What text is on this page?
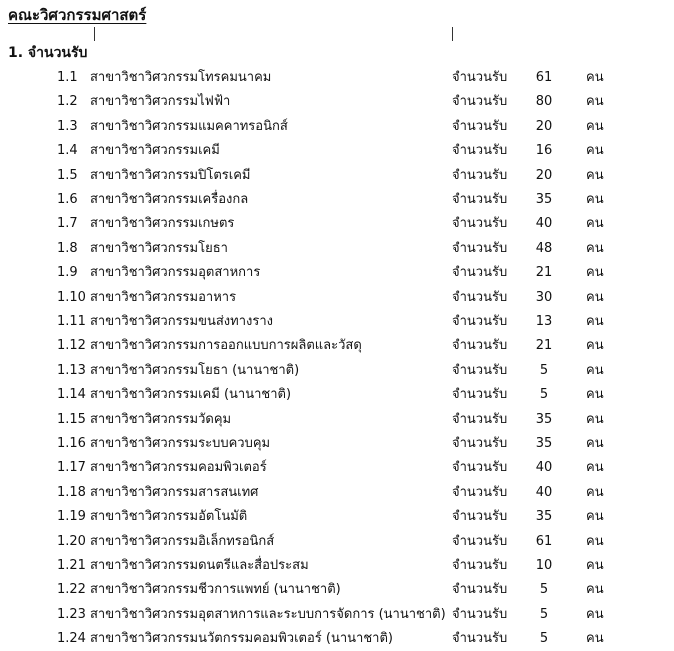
คณะวิศวกรรมศาสตร์
1. จำนวนรับ
1.1 สาขาวิชาวิศวกรรมโทรคมนาคม	จำนวนรับ	61	คน
1.2 สาขาวิชาวิศวกรรมไฟฟ้า	จำนวนรับ	80	คน
1.3 สาขาวิชาวิศวกรรมแมคคาทรอนิกส์	จำนวนรับ	20	คน
1.4 สาขาวิชาวิศวกรรมเคมี	จำนวนรับ	16	คน
1.5 สาขาวิชาวิศวกรรมปิโตรเคมี	จำนวนรับ	20	คน
1.6 สาขาวิชาวิศวกรรมเครื่องกล	จำนวนรับ	35	คน
1.7 สาขาวิชาวิศวกรรมเกษตร	จำนวนรับ	40	คน
1.8 สาขาวิชาวิศวกรรมโยธา	จำนวนรับ	48	คน
1.9 สาขาวิชาวิศวกรรมอุตสาหการ	จำนวนรับ	21	คน
1.10 สาขาวิชาวิศวกรรมอาหาร	จำนวนรับ	30	คน
1.11 สาขาวิชาวิศวกรรมขนส่งทางราง	จำนวนรับ	13	คน
1.12 สาขาวิชาวิศวกรรมการออกแบบการผลิตและวัสดุ	จำนวนรับ	21	คน
1.13 สาขาวิชาวิศวกรรมโยธา (นานาชาติ)	จำนวนรับ	5	คน
1.14 สาขาวิชาวิศวกรรมเคมี (นานาชาติ)	จำนวนรับ	5	คน
1.15 สาขาวิชาวิศวกรรมวัดคุม	จำนวนรับ	35	คน
1.16 สาขาวิชาวิศวกรรมระบบควบคุม	จำนวนรับ	35	คน
1.17 สาขาวิชาวิศวกรรมคอมพิวเตอร์	จำนวนรับ	40	คน
1.18 สาขาวิชาวิศวกรรมสารสนเทศ	จำนวนรับ	40	คน
1.19 สาขาวิชาวิศวกรรมอัตโนมัติ	จำนวนรับ	35	คน
1.20 สาขาวิชาวิศวกรรมอิเล็กทรอนิกส์	จำนวนรับ	61	คน
1.21 สาขาวิชาวิศวกรรมดนตรีและสื่อประสม	จำนวนรับ	10	คน
1.22 สาขาวิชาวิศวกรรมชีวการแพทย์ (นานาชาติ)	จำนวนรับ	5	คน
1.23 สาขาวิชาวิศวกรรมอุตสาหการและระบบการจัดการ (นานาชาติ) จำนวนรับ	5	คน
1.24 สาขาวิชาวิศวกรรมนวัตกรรมคอมพิวเตอร์ (นานาชาติ)	จำนวนรับ	5	คน
